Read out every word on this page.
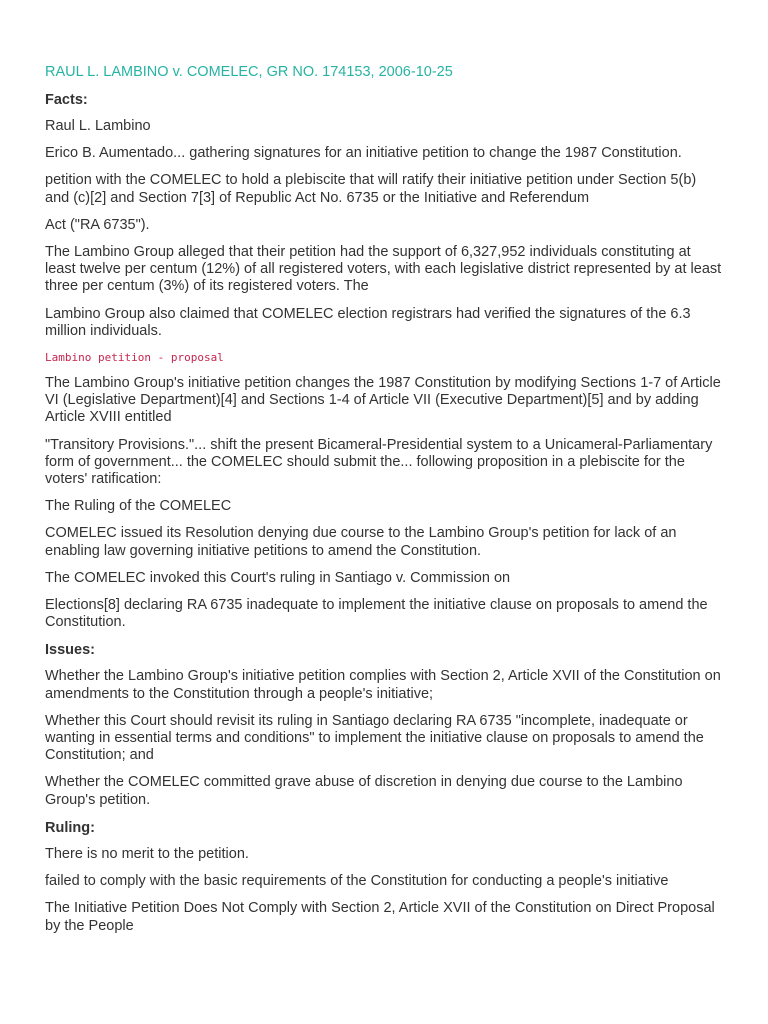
RAUL L. LAMBINO v. COMELEC, GR NO. 174153, 2006-10-25
Facts:
Raul L. Lambino
Erico B. Aumentado... gathering signatures for an initiative petition to change the 1987 Constitution.
petition with the COMELEC to hold a plebiscite that will ratify their initiative petition under Section 5(b) and (c)[2] and Section 7[3] of Republic Act No. 6735 or the Initiative and Referendum
Act ("RA 6735").
The Lambino Group alleged that their petition had the support of 6,327,952 individuals constituting at least twelve per centum (12%) of all registered voters, with each legislative district represented by at least three per centum (3%) of its registered voters. The
Lambino Group also claimed that COMELEC election registrars had verified the signatures of the 6.3 million individuals.
Lambino petition - proposal
The Lambino Group's initiative petition changes the 1987 Constitution by modifying Sections 1-7 of Article VI (Legislative Department)[4] and Sections 1-4 of Article VII (Executive Department)[5] and by adding Article XVIII entitled
"Transitory Provisions."... shift the present Bicameral-Presidential system to a Unicameral-Parliamentary form of government... the COMELEC should submit the... following proposition in a plebiscite for the voters' ratification:
The Ruling of the COMELEC
COMELEC issued its Resolution denying due course to the Lambino Group's petition for lack of an enabling law governing initiative petitions to amend the Constitution.
The COMELEC invoked this Court's ruling in Santiago v. Commission on
Elections[8] declaring RA 6735 inadequate to implement the initiative clause on proposals to amend the Constitution.
Issues:
Whether the Lambino Group's initiative petition complies with Section 2, Article XVII of the Constitution on amendments to the Constitution through a people's initiative;
Whether this Court should revisit its ruling in Santiago declaring RA 6735 "incomplete, inadequate or wanting in essential terms and conditions" to implement the initiative clause on proposals to amend the Constitution; and
Whether the COMELEC committed grave abuse of discretion in denying due course to the Lambino Group's petition.
Ruling:
There is no merit to the petition.
failed to comply with the basic requirements of the Constitution for conducting a people's initiative
The Initiative Petition Does Not Comply with Section 2, Article XVII of the Constitution on Direct Proposal by the People
